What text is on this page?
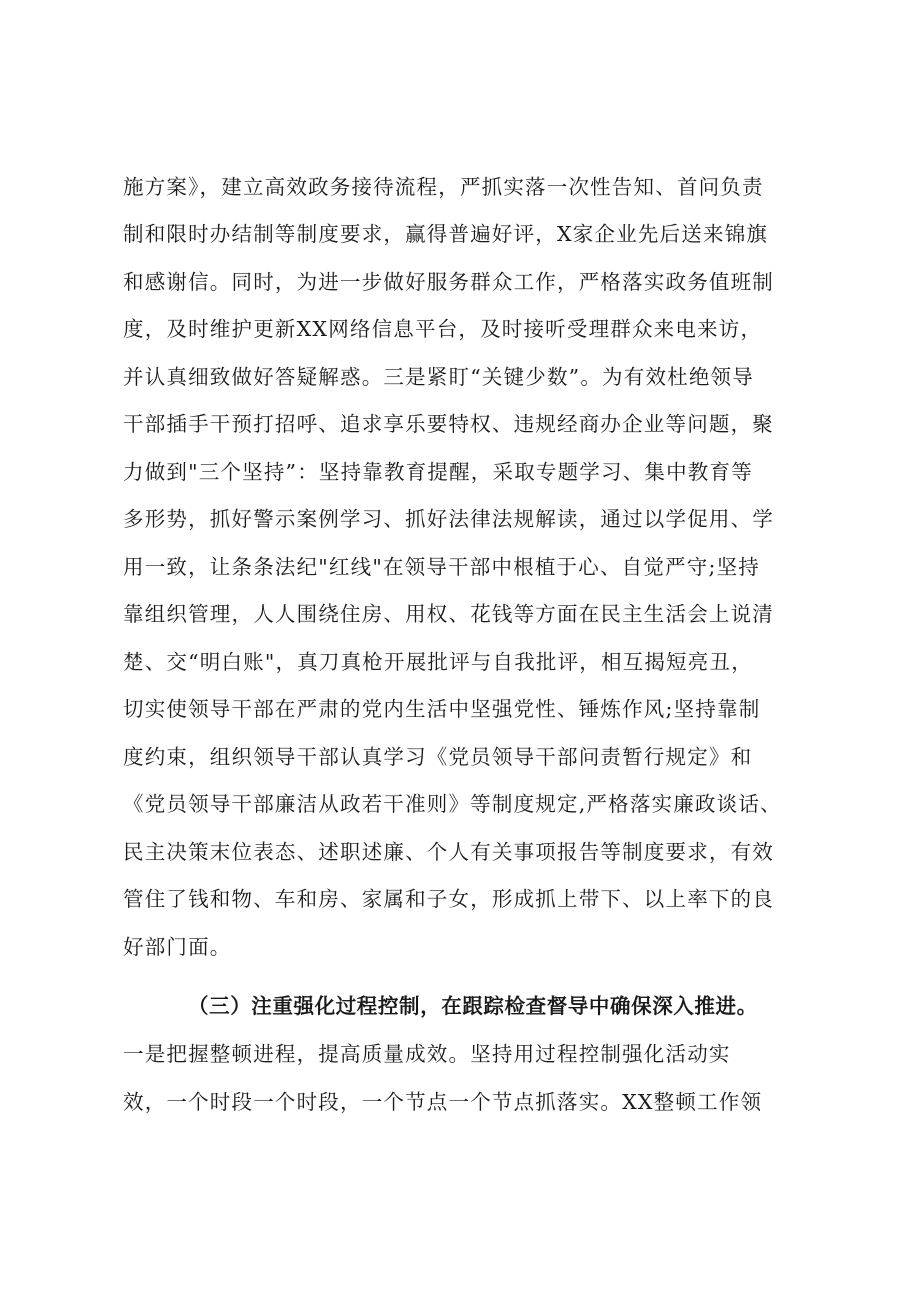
施方案》，建立高效政务接待流程，严抓实落一次性告知、首问负责
制和限时办结制等制度要求，赢得普遍好评，X家企业先后送来锦旗
和感谢信。同时，为进一步做好服务群众工作，严格落实政务值班制
度，及时维护更新XX网络信息平台，及时接听受理群众来电来访，
并认真细致做好答疑解惑。三是紧盯“关键少数”。为有效杜绝领导
干部插手干预打招呼、追求享乐要特权、违规经商办企业等问题，聚
力做到"三个坚持”：坚持靠教育提醒，采取专题学习、集中教育等
多形势，抓好警示案例学习、抓好法律法规解读，通过以学促用、学
用一致，让条条法纪"红线"在领导干部中根植于心、自觉严守;坚持
靠组织管理，人人围绕住房、用权、花钱等方面在民主生活会上说清
楚、交“明白账"，真刀真枪开展批评与自我批评，相互揭短亮丑，
切实使领导干部在严肃的党内生活中坚强党性、锤炼作风;坚持靠制
度约束，组织领导干部认真学习《党员领导干部问责暂行规定》和
《党员领导干部廉洁从政若干准则》等制度规定,严格落实廉政谈话、
民主决策末位表态、述职述廉、个人有关事项报告等制度要求，有效
管住了钱和物、车和房、家属和子女，形成抓上带下、以上率下的良
好部门面。
（三）注重强化过程控制，在跟踪检查督导中确保深入推进。
一是把握整顿进程，提高质量成效。坚持用过程控制强化活动实
效，一个时段一个时段，一个节点一个节点抓落实。XX整顿工作领
